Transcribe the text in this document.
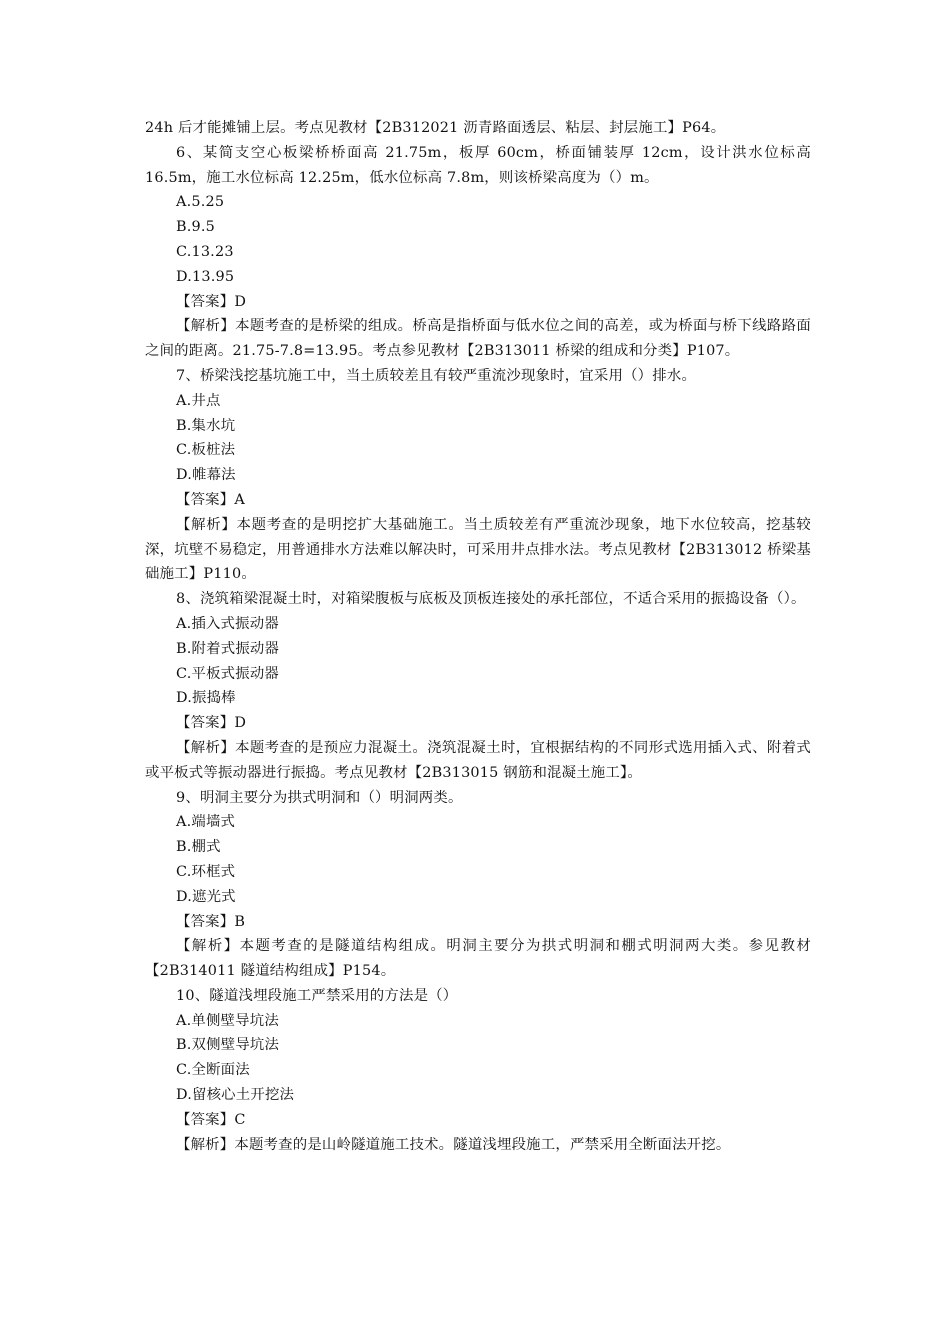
24h 后才能摊铺上层。考点见教材【2B312021 沥青路面透层、粘层、封层施工】P64。

6、某简支空心板梁桥桥面高 21.75m，板厚 60cm，桥面铺装厚 12cm，设计洪水位标高 16.5m，施工水位标高 12.25m，低水位标高 7.8m，则该桥梁高度为（）m。

A.5.25

B.9.5

C.13.23

D.13.95

【答案】D

【解析】本题考查的是桥梁的组成。桥高是指桥面与低水位之间的高差，或为桥面与桥下线路路面之间的距离。21.75-7.8=13.95。考点参见教材【2B313011 桥梁的组成和分类】P107。

7、桥梁浅挖基坑施工中，当土质较差且有较严重流沙现象时，宜采用（）排水。

A.井点

B.集水坑

C.板桩法

D.帷幕法

【答案】A

【解析】本题考查的是明挖扩大基础施工。当土质较差有严重流沙现象，地下水位较高，挖基较深，坑壁不易稳定，用普通排水方法难以解决时，可采用井点排水法。考点见教材【2B313012 桥梁基础施工】P110。

8、浇筑箱梁混凝土时，对箱梁腹板与底板及顶板连接处的承托部位，不适合采用的振捣设备（）。

A.插入式振动器

B.附着式振动器

C.平板式振动器

D.振捣棒

【答案】D

【解析】本题考查的是预应力混凝土。浇筑混凝土时，宜根据结构的不同形式选用插入式、附着式或平板式等振动器进行振捣。考点见教材【2B313015 钢筋和混凝土施工】。

9、明洞主要分为拱式明洞和（）明洞两类。

A.端墙式

B.棚式

C.环框式

D.遮光式

【答案】B

【解析】本题考查的是隧道结构组成。明洞主要分为拱式明洞和棚式明洞两大类。参见教材【2B314011 隧道结构组成】P154。

10、隧道浅埋段施工严禁采用的方法是（）

A.单侧壁导坑法

B.双侧壁导坑法

C.全断面法

D.留核心土开挖法

【答案】C

【解析】本题考查的是山岭隧道施工技术。隧道浅埋段施工，严禁采用全断面法开挖。
